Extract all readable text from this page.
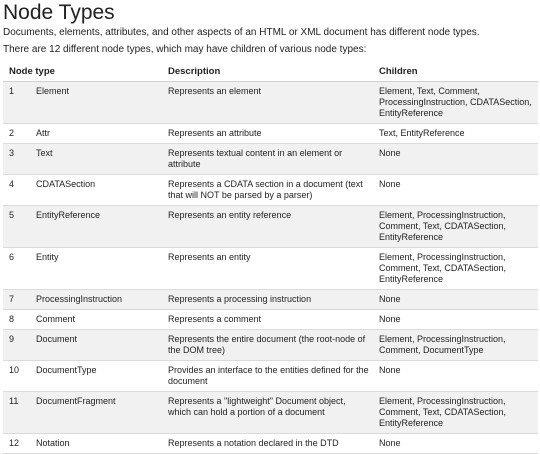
Node Types

Documents, elements, attributes, and other aspects of an HTML or XML document has different node types.

There are 12 different node types, which may have children of various node types:

Node type		Description	Children
1	Element	Represents an element	Element, Text, Comment, ProcessingInstruction, CDATASection, EntityReference
2	Attr	Represents an attribute	Text, EntityReference
3	Text	Represents textual content in an element or attribute	None
4	CDATASection	Represents a CDATA section in a document (text that will NOT be parsed by a parser)	None
5	EntityReference	Represents an entity reference	Element, ProcessingInstruction, Comment, Text, CDATASection, EntityReference
6	Entity	Represents an entity	Element, ProcessingInstruction, Comment, Text, CDATASection, EntityReference
7	ProcessingInstruction	Represents a processing instruction	None
8	Comment	Represents a comment	None
9	Document	Represents the entire document (the root-node of the DOM tree)	Element, ProcessingInstruction, Comment, DocumentType
10	DocumentType	Provides an interface to the entities defined for the document	None
11	DocumentFragment	Represents a "lightweight" Document object, which can hold a portion of a document	Element, ProcessingInstruction, Comment, Text, CDATASection, EntityReference
12	Notation	Represents a notation declared in the DTD	None
